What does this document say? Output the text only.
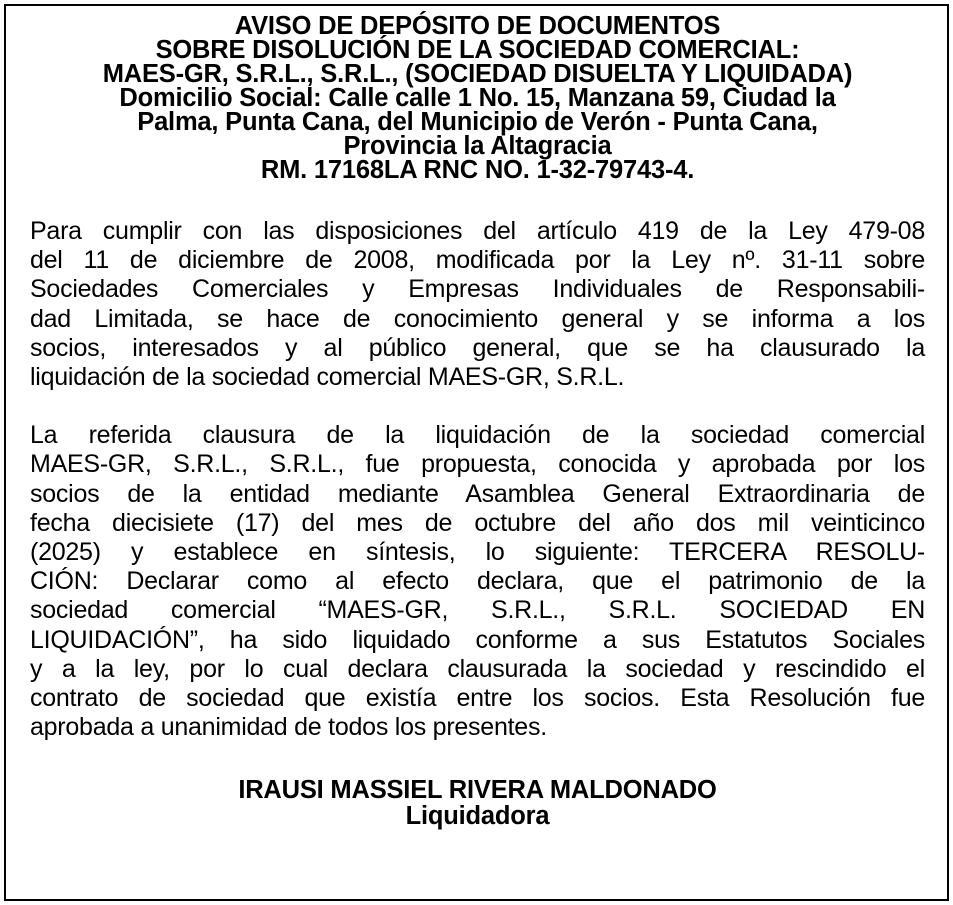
AVISO DE DEPÓSITO DE DOCUMENTOS
SOBRE DISOLUCIÓN DE LA SOCIEDAD COMERCIAL:
MAES-GR, S.R.L., S.R.L., (SOCIEDAD DISUELTA Y LIQUIDADA)
Domicilio Social: Calle calle 1 No. 15, Manzana 59, Ciudad la
Palma, Punta Cana, del Municipio de Verón - Punta Cana,
Provincia la Altagracia
RM. 17168LA RNC NO. 1-32-79743-4.
Para cumplir con las disposiciones del artículo 419 de la Ley 479-08
del 11 de diciembre de 2008, modificada por la Ley nº. 31-11 sobre
Sociedades Comerciales y Empresas Individuales de Responsabili-
dad Limitada, se hace de conocimiento general y se informa a los
socios, interesados y al público general, que se ha clausurado la
liquidación de la sociedad comercial MAES-GR, S.R.L.
La referida clausura de la liquidación de la sociedad comercial
MAES-GR, S.R.L., S.R.L., fue propuesta, conocida y aprobada por los
socios de la entidad mediante Asamblea General Extraordinaria de
fecha diecisiete (17) del mes de octubre del año dos mil veinticinco
(2025) y establece en síntesis, lo siguiente: TERCERA RESOLU-
CIÓN: Declarar como al efecto declara, que el patrimonio de la
sociedad comercial “MAES-GR, S.R.L., S.R.L. SOCIEDAD EN
LIQUIDACIÓN”, ha sido liquidado conforme a sus Estatutos Sociales
y a la ley, por lo cual declara clausurada la sociedad y rescindido el
contrato de sociedad que existía entre los socios. Esta Resolución fue
aprobada a unanimidad de todos los presentes.
IRAUSI MASSIEL RIVERA MALDONADO
Liquidadora
